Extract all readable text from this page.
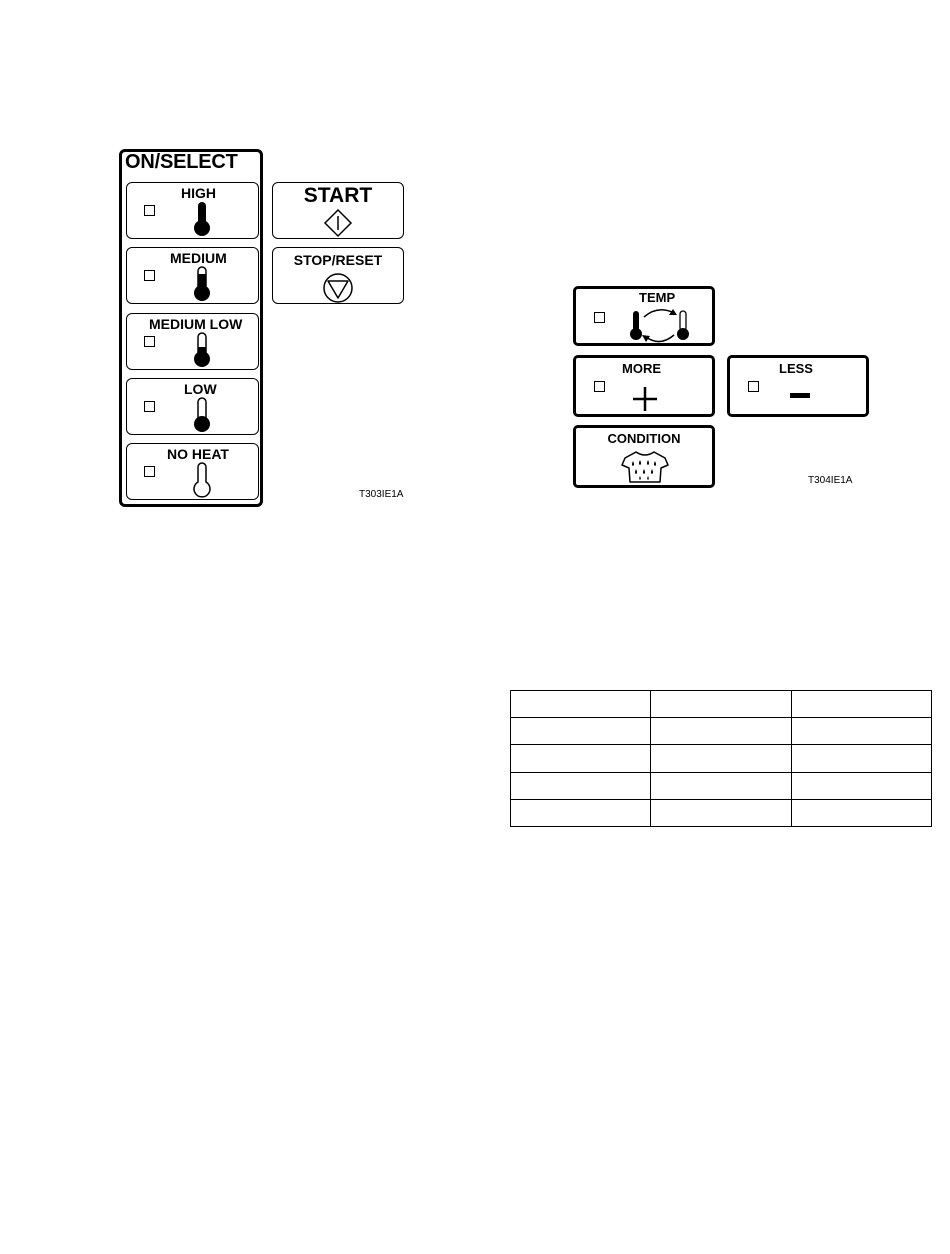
ON/SELECT
HIGH
MEDIUM
MEDIUM LOW
LOW
NO HEAT
START
STOP/RESET
T303IE1A
TEMP
MORE	LESS
CONDITION
T304IE1A
